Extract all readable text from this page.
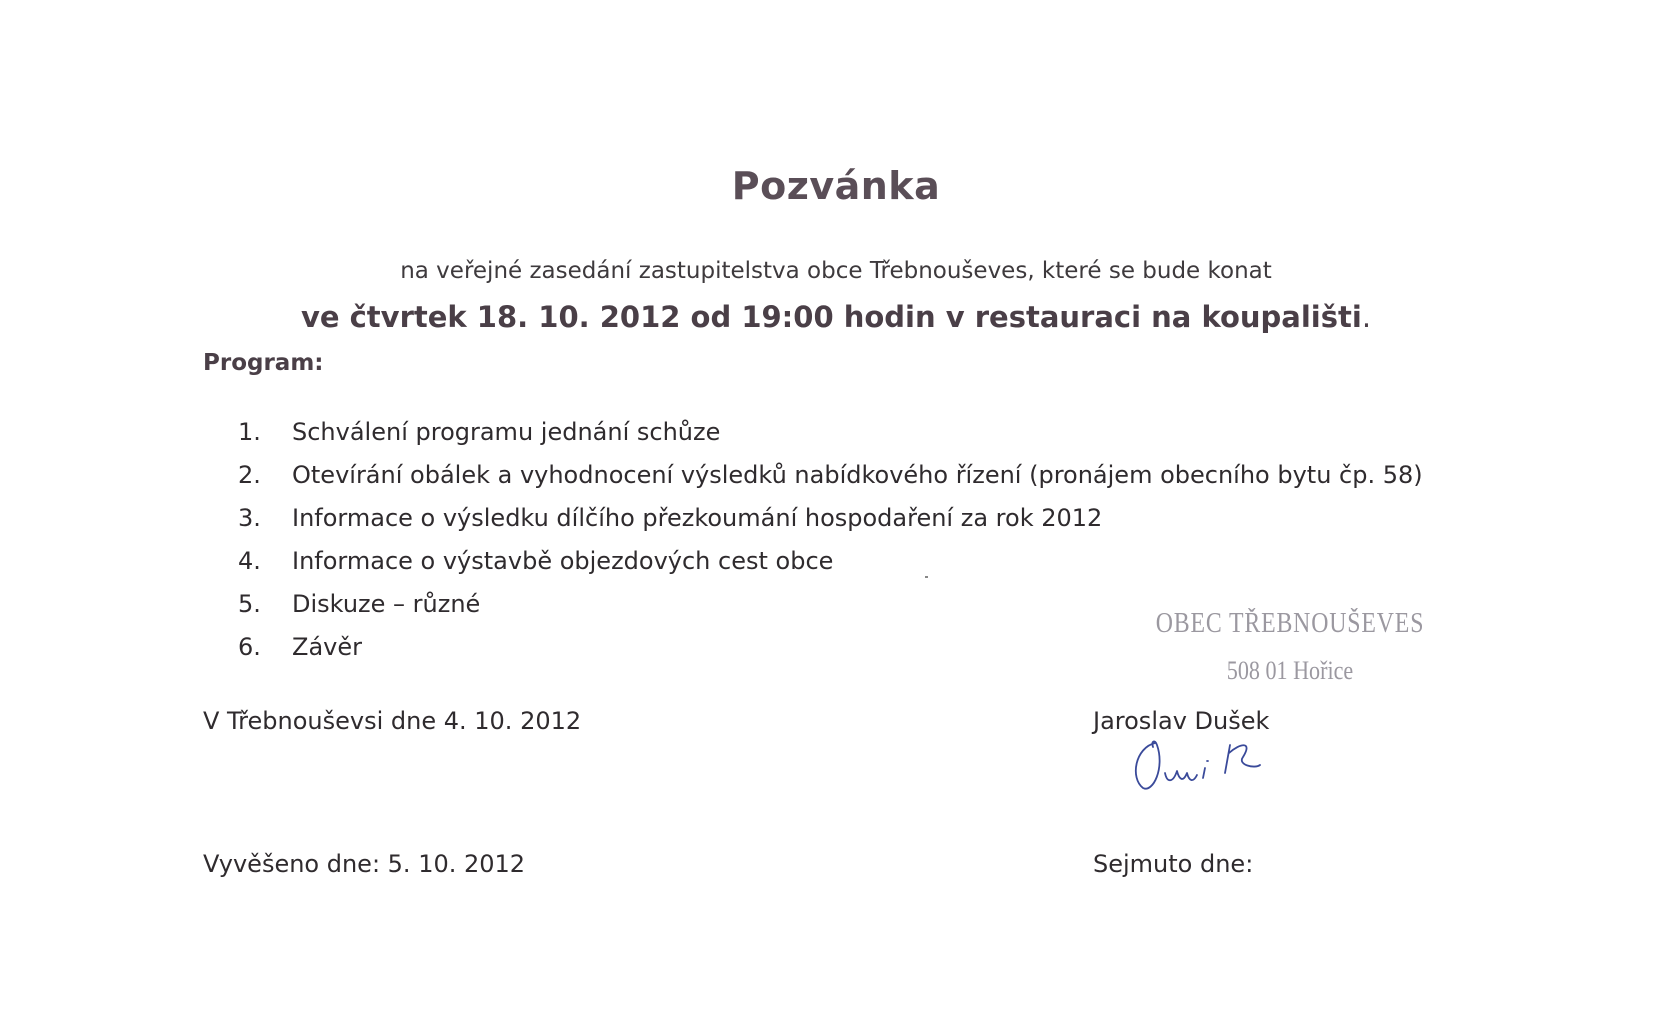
Pozvánka
na veřejné zasedání zastupitelstva obce Třebnouševes, které se bude konat
ve čtvrtek 18. 10. 2012 od 19:00 hodin v restauraci na koupališti.
Program:
1. Schválení programu jednání schůze
2. Otevírání obálek a vyhodnocení výsledků nabídkového řízení (pronájem obecního bytu čp. 58)
3. Informace o výsledku dílčího přezkoumání hospodaření za rok 2012
4. Informace o výstavbě objezdových cest obce
5. Diskuze – různé
6. Závěr
OBEC TŘEBNOUŠEVES
508 01 Hořice
V Třebnouševsi dne 4. 10. 2012	Jaroslav Dušek
Vyvěšeno dne: 5. 10. 2012	Sejmuto dne:
